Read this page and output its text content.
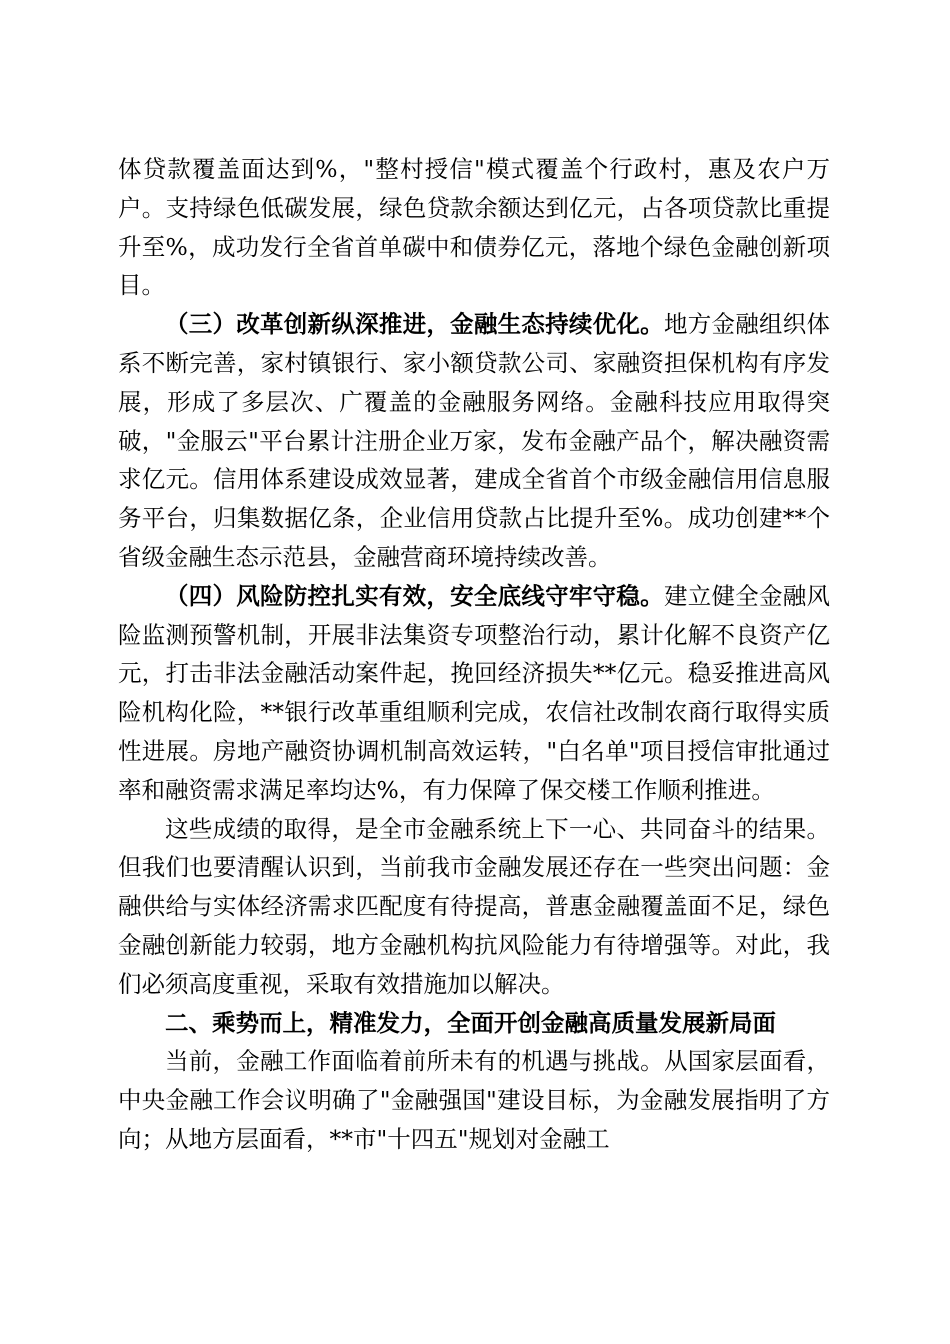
体贷款覆盖面达到%，"整村授信"模式覆盖个行政村，惠及农户万户。支持绿色低碳发展，绿色贷款余额达到亿元，占各项贷款比重提升至%，成功发行全省首单碳中和债券亿元，落地个绿色金融创新项目。

（三）改革创新纵深推进，金融生态持续优化。地方金融组织体系不断完善，家村镇银行、家小额贷款公司、家融资担保机构有序发展，形成了多层次、广覆盖的金融服务网络。金融科技应用取得突破，"金服云"平台累计注册企业万家，发布金融产品个，解决融资需求亿元。信用体系建设成效显著，建成全省首个市级金融信用信息服务平台，归集数据亿条，企业信用贷款占比提升至%。成功创建**个省级金融生态示范县，金融营商环境持续改善。

（四）风险防控扎实有效，安全底线守牢守稳。建立健全金融风险监测预警机制，开展非法集资专项整治行动，累计化解不良资产亿元，打击非法金融活动案件起，挽回经济损失**亿元。稳妥推进高风险机构化险，**银行改革重组顺利完成，农信社改制农商行取得实质性进展。房地产融资协调机制高效运转，"白名单"项目授信审批通过率和融资需求满足率均达%，有力保障了保交楼工作顺利推进。

这些成绩的取得，是全市金融系统上下一心、共同奋斗的结果。但我们也要清醒认识到，当前我市金融发展还存在一些突出问题：金融供给与实体经济需求匹配度有待提高，普惠金融覆盖面不足，绿色金融创新能力较弱，地方金融机构抗风险能力有待增强等。对此，我们必须高度重视，采取有效措施加以解决。

二、乘势而上，精准发力，全面开创金融高质量发展新局面

当前，金融工作面临着前所未有的机遇与挑战。从国家层面看，中央金融工作会议明确了"金融强国"建设目标，为金融发展指明了方向；从地方层面看，**市"十四五"规划对金融工
